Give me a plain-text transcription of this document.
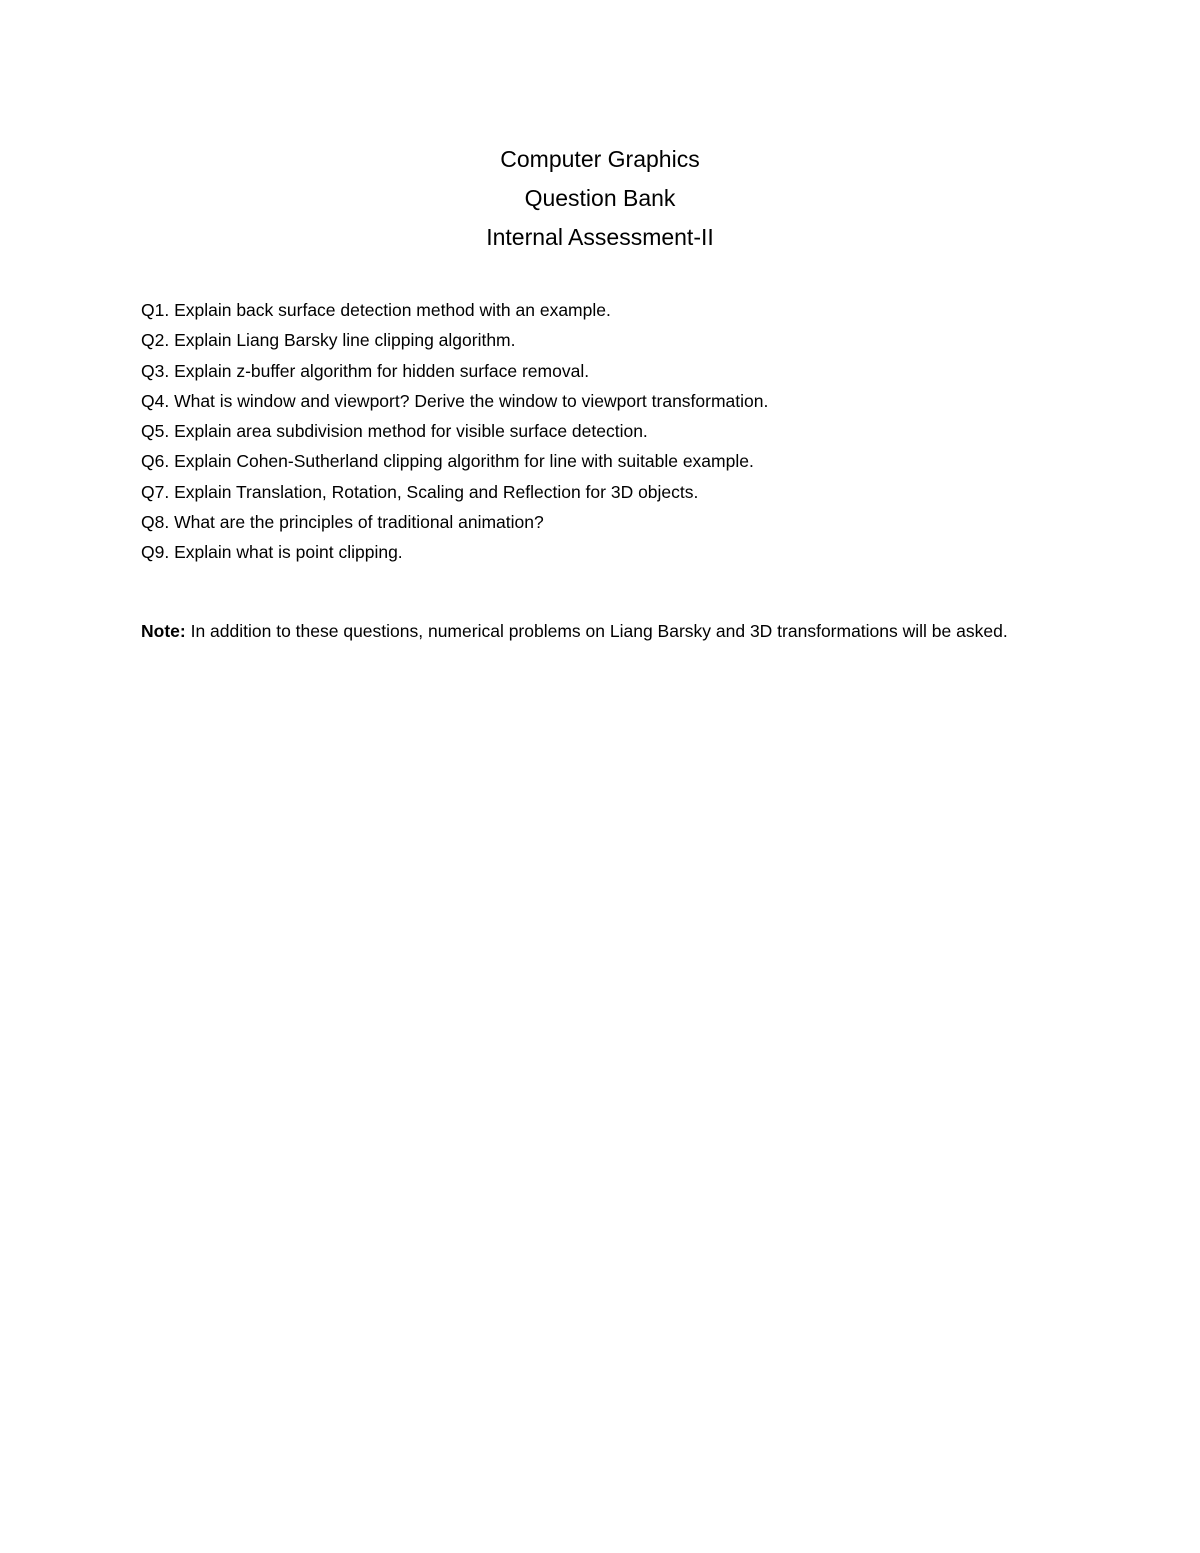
Computer Graphics
Question Bank
Internal Assessment-II
Q1. Explain back surface detection method with an example.
Q2. Explain Liang Barsky line clipping algorithm.
Q3. Explain z-buffer algorithm for hidden surface removal.
Q4. What is window and viewport? Derive the window to viewport transformation.
Q5. Explain area subdivision method for visible surface detection.
Q6. Explain Cohen-Sutherland clipping algorithm for line with suitable example.
Q7. Explain Translation, Rotation, Scaling and Reflection for 3D objects.
Q8. What are the principles of traditional animation?
Q9. Explain what is point clipping.

Note: In addition to these questions, numerical problems on Liang Barsky and 3D transformations will be asked.
